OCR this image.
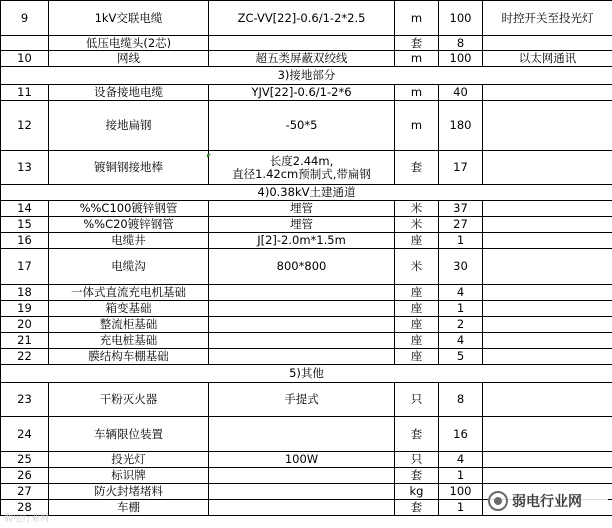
9	1kV交联电缆	ZC-VV[22]-0.6/1-2*2.5	m	100	时控开关至投光灯
	低压电缆头(2芯)		套	8	
10	网线	超五类屏蔽双绞线	m	100	以太网通讯
3)接地部分					
11	设备接地电缆	YJV[22]-0.6/1-2*6	m	40	
12	接地扁钢	-50*5	m	180	
13	镀铜钢接地棒	长度2.44m,
直径1.42cm预制式,带扁钢	套	17	
4)0.38kV土建通道					
14	%%C100镀锌钢管	埋管	米	37	
15	%%C20镀锌钢管	埋管	米	27	
16	电缆井	J[2]-2.0m*1.5m	座	1	
17	电缆沟	800*800	米	30	
18	一体式直流充电机基础		座	4	
19	箱变基础		座	1	
20	整流柜基础		座	2	
21	充电桩基础		座	4	
22	膜结构车棚基础		座	5	
5)其他					
23	干粉灭火器	手提式	只	8	
24	车辆限位装置		套	16	
25	投光灯	100W	只	4	
26	标识牌		套	1	
27	防火封堵堵料		kg	100	
28	车棚		套	1	
弱电行业网
弱电行业网
